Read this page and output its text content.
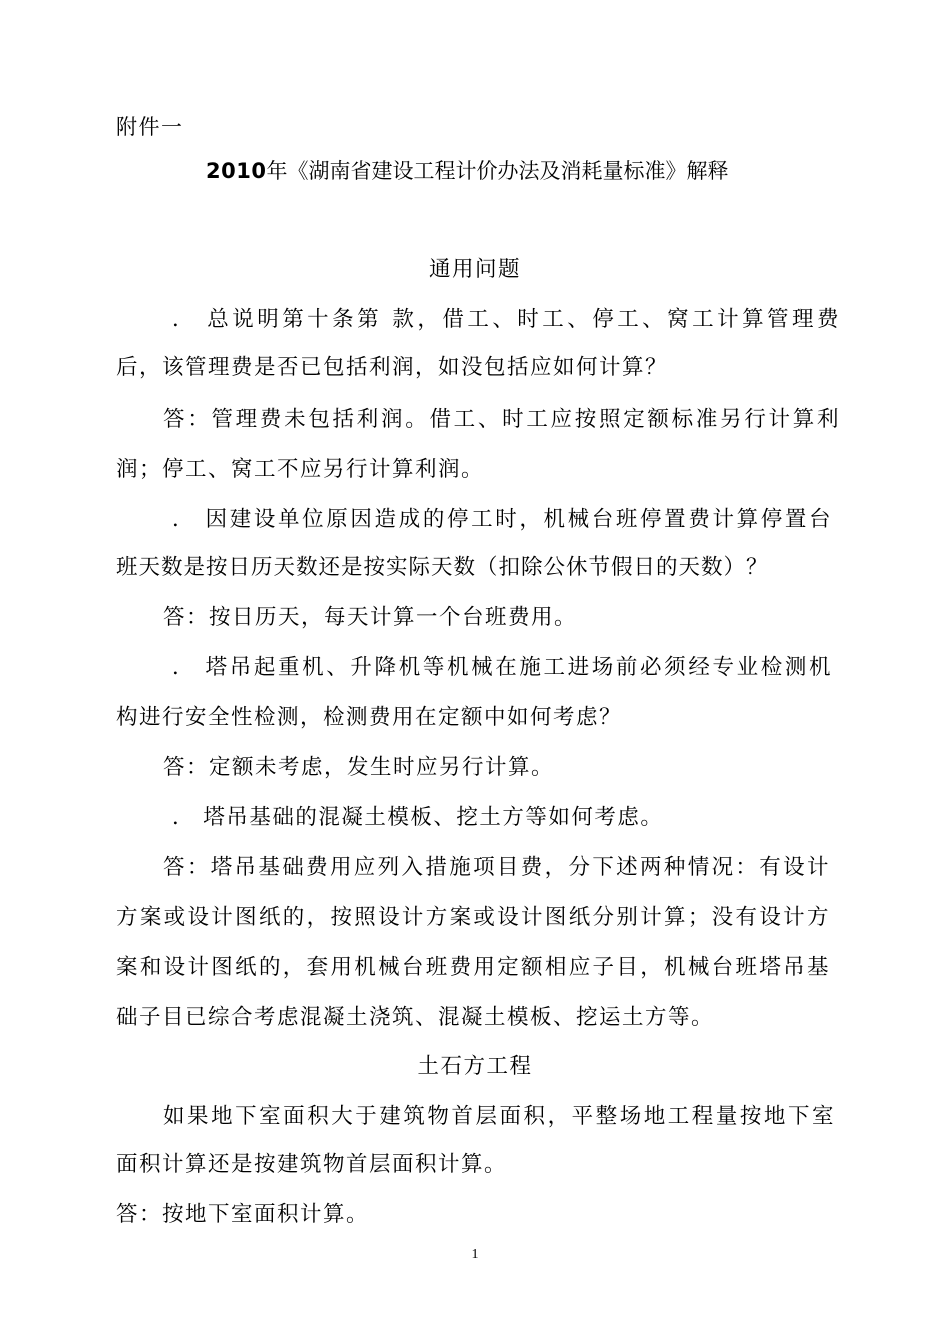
附件一
2010年《湖南省建设工程计价办法及消耗量标准》解释
通用问题
． 总说明第十条第 款，借工、时工、停工、窝工计算管理费
后，该管理费是否已包括利润，如没包括应如何计算？
答：管理费未包括利润。借工、时工应按照定额标准另行计算利
润；停工、窝工不应另行计算利润。
． 因建设单位原因造成的停工时，机械台班停置费计算停置台
班天数是按日历天数还是按实际天数（扣除公休节假日的天数）？
答：按日历天，每天计算一个台班费用。
． 塔吊起重机、升降机等机械在施工进场前必须经专业检测机
构进行安全性检测，检测费用在定额中如何考虑？
答：定额未考虑，发生时应另行计算。
． 塔吊基础的混凝土模板、挖土方等如何考虑。
答：塔吊基础费用应列入措施项目费，分下述两种情况：有设计
方案或设计图纸的，按照设计方案或设计图纸分别计算；没有设计方
案和设计图纸的，套用机械台班费用定额相应子目，机械台班塔吊基
础子目已综合考虑混凝土浇筑、混凝土模板、挖运土方等。
土石方工程
如果地下室面积大于建筑物首层面积，平整场地工程量按地下室
面积计算还是按建筑物首层面积计算。
答：按地下室面积计算。
1
